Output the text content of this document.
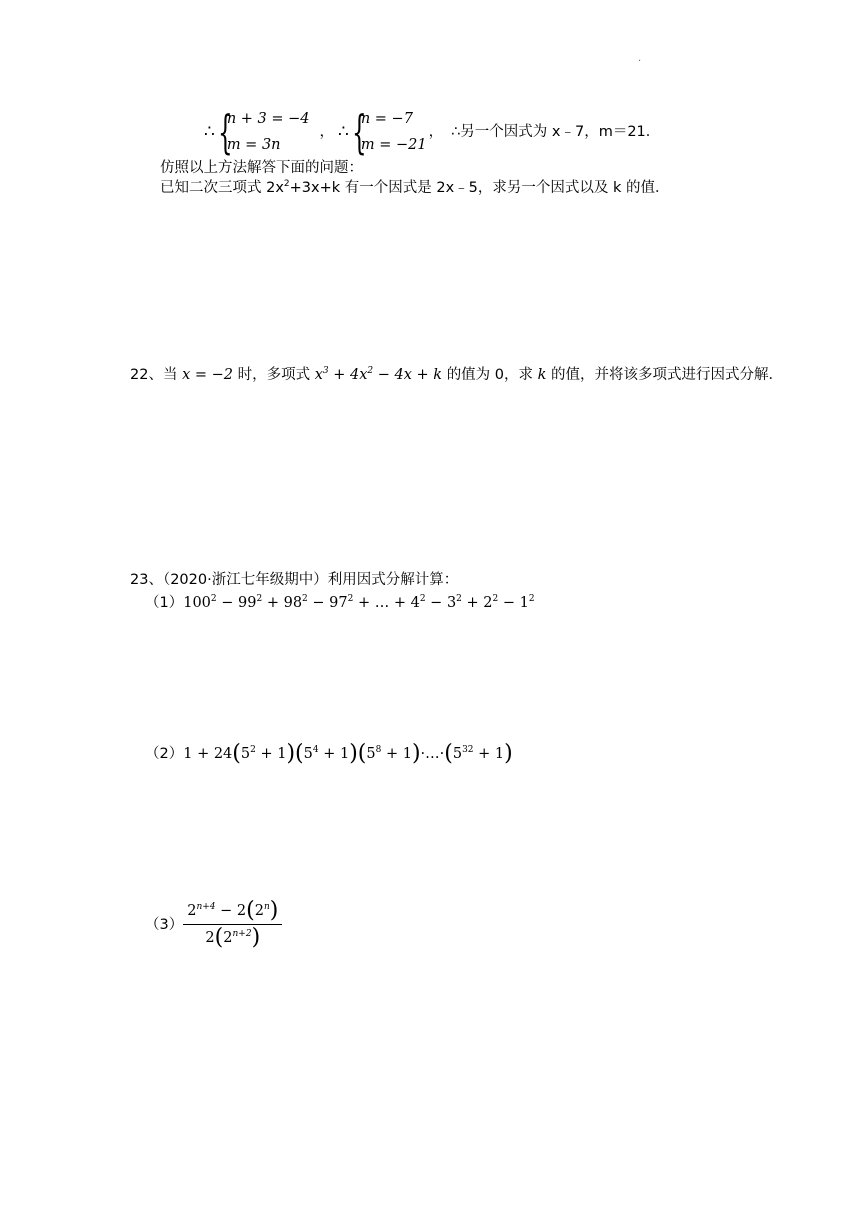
·
∴ {
n + 3 = −4
m = 3n
， ∴ {
n = −7
m = −21
， ∴另一个因式为 x﹣7，m＝21．
仿照以上方法解答下面的问题：
已知二次三项式 $2x^2+3x+k$ 有一个因式是 2x﹣5，求另一个因式以及 k 的值．
22、当 x = −2 时，多项式 $x^3 + 4x^2 - 4x + k$ 的值为 0，求 k 的值，并将该多项式进行因式分解．
23、（2020·浙江七年级期中）利用因式分解计算：
$(1)100^2 - 99^2 + 98^2 - 97^2$ + … + $4^2 - 3^2 + 2^2 - 1^2$
$(2)1 + 24(5^2 + 1)(5^4 + 1)(5^8$ + $1)\cdot\dots\cdot(5^{32} + 1)$
$(3) \frac{2^{n+4} - 2(2^n)}{2(2^{n+2})}$
